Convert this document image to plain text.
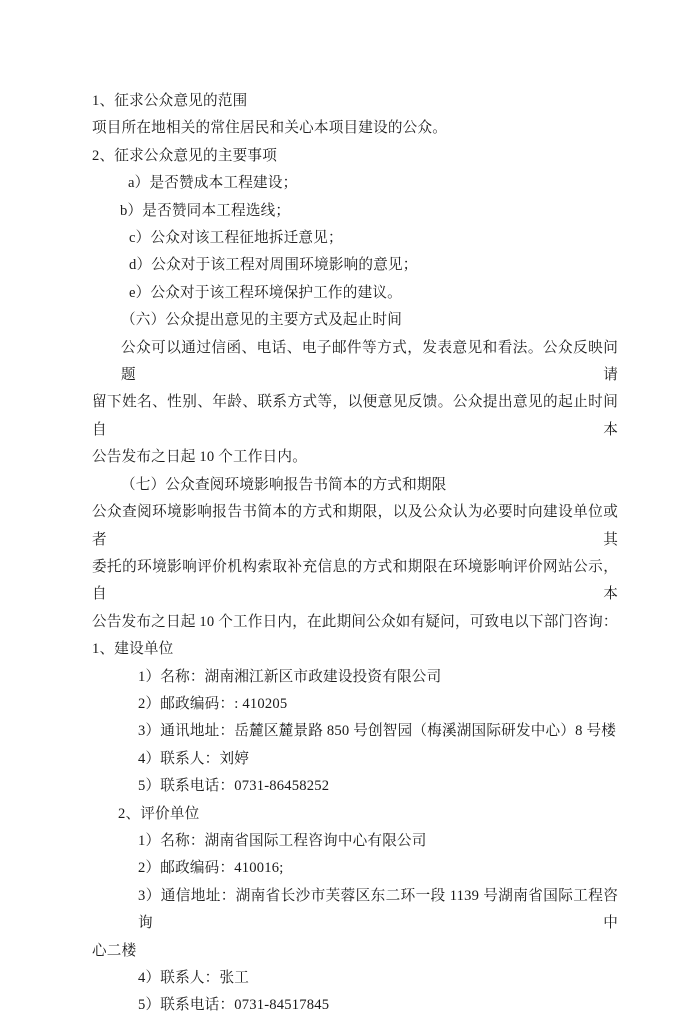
1、征求公众意见的范围
项目所在地相关的常住居民和关心本项目建设的公众。
2、征求公众意见的主要事项
a）是否赞成本工程建设；
b）是否赞同本工程选线；
c）公众对该工程征地拆迁意见；
d）公众对于该工程对周围环境影响的意见；
e）公众对于该工程环境保护工作的建议。
（六）公众提出意见的主要方式及起止时间
公众可以通过信函、电话、电子邮件等方式，发表意见和看法。公众反映问题请
留下姓名、性别、年龄、联系方式等，以便意见反馈。公众提出意见的起止时间自本
公告发布之日起 10 个工作日内。
（七）公众查阅环境影响报告书简本的方式和期限
公众查阅环境影响报告书简本的方式和期限，以及公众认为必要时向建设单位或者其
委托的环境影响评价机构索取补充信息的方式和期限在环境影响评价网站公示，自本
公告发布之日起 10 个工作日内，在此期间公众如有疑问，可致电以下部门咨询：
1、建设单位
1）名称：湖南湘江新区市政建设投资有限公司
2）邮政编码：: 410205
3）通讯地址：岳麓区麓景路 850 号创智园（梅溪湖国际研发中心）8 号楼
4）联系人：刘婷
5）联系电话：0731-86458252
2、评价单位
1）名称：湖南省国际工程咨询中心有限公司
2）邮政编码：410016;
3）通信地址：湖南省长沙市芙蓉区东二环一段 1139 号湖南省国际工程咨询中
心二楼
4）联系人：张工
5）联系电话：0731-84517845
